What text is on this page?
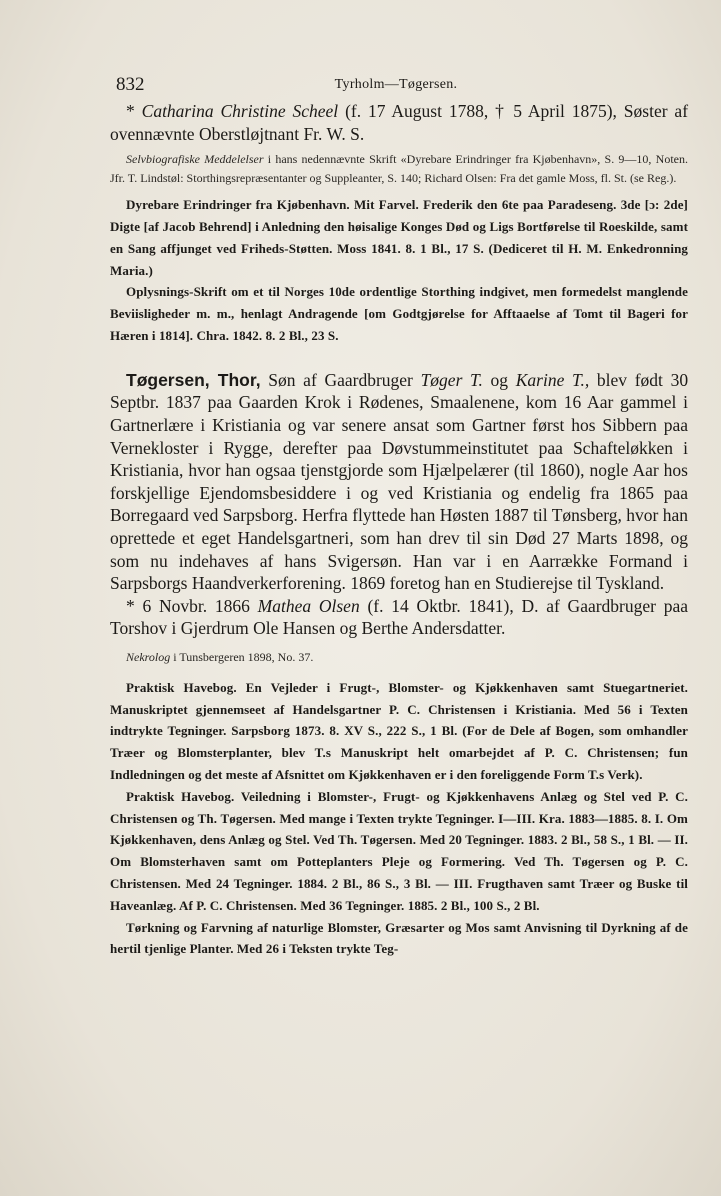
832	Tyrholm—Tøgersen.

* Catharina Christine Scheel (f. 17 August 1788, † 5 April 1875), Søster af ovennævnte Oberstløjtnant Fr. W. S.

Selvbiografiske Meddelelser i hans nedennævnte Skrift «Dyrebare Erindringer fra Kjøbenhavn», S. 9—10, Noten. Jfr. T. Lindstøl: Storthingsrepræsentanter og Suppleanter, S. 140; Richard Olsen: Fra det gamle Moss, fl. St. (se Reg.).

Dyrebare Erindringer fra Kjøbenhavn. Mit Farvel. Frederik den 6te paa Paradeseng. 3de [ɔ: 2de] Digte [af Jacob Behrend] i Anledning den høisalige Konges Død og Ligs Bortførelse til Roeskilde, samt en Sang affjunget ved Friheds-Støtten. Moss 1841. 8. 1 Bl., 17 S. (Dediceret til H. M. Enkedronning Maria.)

Oplysnings-Skrift om et til Norges 10de ordentlige Storthing indgivet, men formedelst manglende Beviisligheder m. m., henlagt Andragende [om Godtgjørelse for Afftaaelse af Tomt til Bageri for Hæren i 1814]. Chra. 1842. 8. 2 Bl., 23 S.

Tøgersen, Thor, Søn af Gaardbruger Tøger T. og Karine T., blev født 30 Septbr. 1837 paa Gaarden Krok i Rødenes, Smaalenene, kom 16 Aar gammel i Gartnerlære i Kristiania og var senere ansat som Gartner først hos Sibbern paa Vernekloster i Rygge, derefter paa Døvstummeinstitutet paa Schafteløkken i Kristiania, hvor han ogsaa tjenstgjorde som Hjælpelærer (til 1860), nogle Aar hos forskjellige Ejendomsbesiddere i og ved Kristiania og endelig fra 1865 paa Borregaard ved Sarpsborg. Herfra flyttede han Høsten 1887 til Tønsberg, hvor han oprettede et eget Handelsgartneri, som han drev til sin Død 27 Marts 1898, og som nu indehaves af hans Svigersøn. Han var i en Aarrække Formand i Sarpsborgs Haandverkerforening. 1869 foretog han en Studierejse til Tyskland.

* 6 Novbr. 1866 Mathea Olsen (f. 14 Oktbr. 1841), D. af Gaardbruger paa Torshov i Gjerdrum Ole Hansen og Berthe Andersdatter.

Nekrolog i Tunsbergeren 1898, No. 37.

Praktisk Havebog. En Vejleder i Frugt-, Blomster- og Kjøkkenhaven samt Stuegartneriet. Manuskriptet gjennemseet af Handelsgartner P. C. Christensen i Kristiania. Med 56 i Texten indtrykte Tegninger. Sarpsborg 1873. 8. XV S., 222 S., 1 Bl. (For de Dele af Bogen, som omhandler Træer og Blomsterplanter, blev T.s Manuskript helt omarbejdet af P. C. Christensen; fun Indledningen og det meste af Afsnittet om Kjøkkenhaven er i den foreliggende Form T.s Verk).

Praktisk Havebog. Veiledning i Blomster-, Frugt- og Kjøkkenhavens Anlæg og Stel ved P. C. Christensen og Th. Tøgersen. Med mange i Texten trykte Tegninger. I—III. Kra. 1883—1885. 8. I. Om Kjøkkenhaven, dens Anlæg og Stel. Ved Th. Tøgersen. Med 20 Tegninger. 1883. 2 Bl., 58 S., 1 Bl. — II. Om Blomsterhaven samt om Potteplanters Pleje og Formering. Ved Th. Tøgersen og P. C. Christensen. Med 24 Tegninger. 1884. 2 Bl., 86 S., 3 Bl. — III. Frugthaven samt Træer og Buske til Haveanlæg. Af P. C. Christensen. Med 36 Tegninger. 1885. 2 Bl., 100 S., 2 Bl.

Tørkning og Farvning af naturlige Blomster, Græsarter og Mos samt Anvisning til Dyrkning af de hertil tjenlige Planter. Med 26 i Teksten trykte Teg-
